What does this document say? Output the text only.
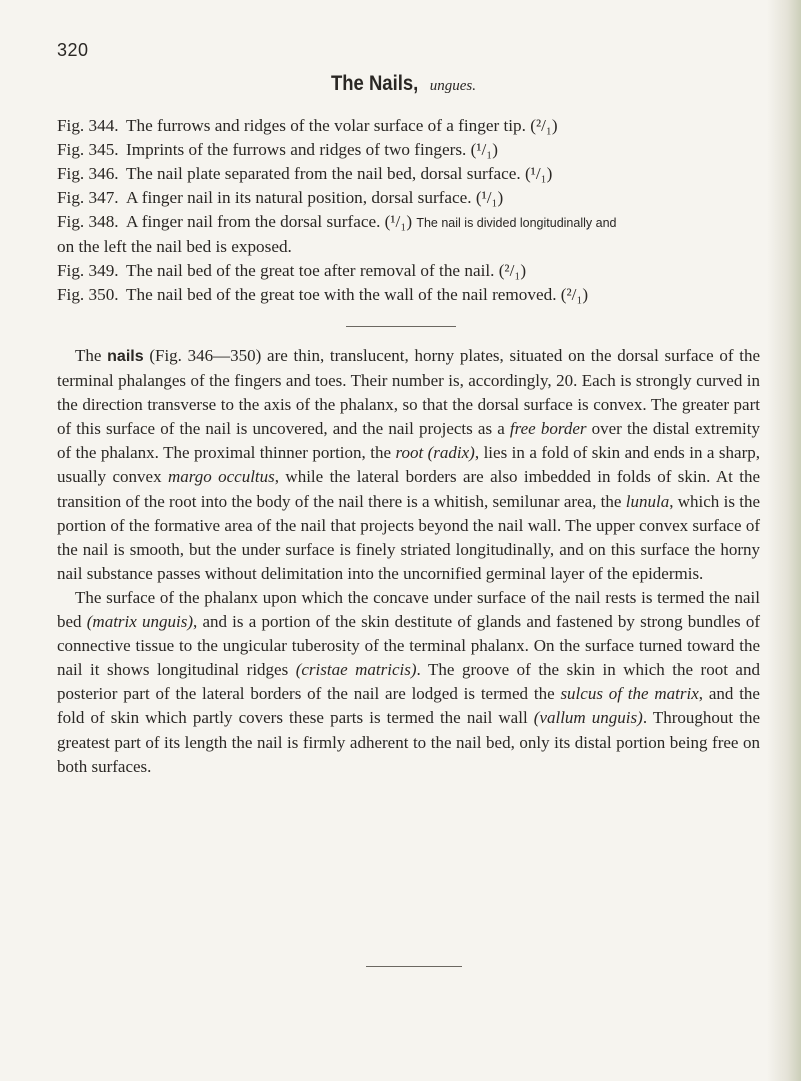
320
The Nails, ungues.
Fig. 344. The furrows and ridges of the volar surface of a finger tip. (²/₁)
Fig. 345. Imprints of the furrows and ridges of two fingers. (¹/₁)
Fig. 346. The nail plate separated from the nail bed, dorsal surface. (¹/₁)
Fig. 347. A finger nail in its natural position, dorsal surface. (¹/₁)
Fig. 348. A finger nail from the dorsal surface. (¹/₁) The nail is divided longitudinally and
on the left the nail bed is exposed.
Fig. 349. The nail bed of the great toe after removal of the nail. (²/₁)
Fig. 350. The nail bed of the great toe with the wall of the nail removed. (²/₁)

The nails (Fig. 346—350) are thin, translucent, horny plates, situated on the dorsal surface of the terminal phalanges of the fingers and toes. Their number is, accordingly, 20. Each is strongly curved in the direction transverse to the axis of the phalanx, so that the dorsal surface is convex. The greater part of this surface of the nail is uncovered, and the nail projects as a free border over the distal extremity of the phalanx. The proximal thinner portion, the root (radix), lies in a fold of skin and ends in a sharp, usually convex margo occultus, while the lateral borders are also imbedded in folds of skin. At the transition of the root into the body of the nail there is a whitish, semilunar area, the lunula, which is the portion of the formative area of the nail that projects beyond the nail wall. The upper convex surface of the nail is smooth, but the under surface is finely striated longitudinally, and on this surface the horny nail substance passes without delimitation into the uncornified germinal layer of the epidermis.

The surface of the phalanx upon which the concave under surface of the nail rests is termed the nail bed (matrix unguis), and is a portion of the skin destitute of glands and fastened by strong bundles of connective tissue to the ungicular tuberosity of the terminal phalanx. On the surface turned toward the nail it shows longitudinal ridges (cristae matricis). The groove of the skin in which the root and posterior part of the lateral borders of the nail are lodged is termed the sulcus of the matrix, and the fold of skin which partly covers these parts is termed the nail wall (vallum unguis). Throughout the greatest part of its length the nail is firmly adherent to the nail bed, only its distal portion being free on both surfaces.
